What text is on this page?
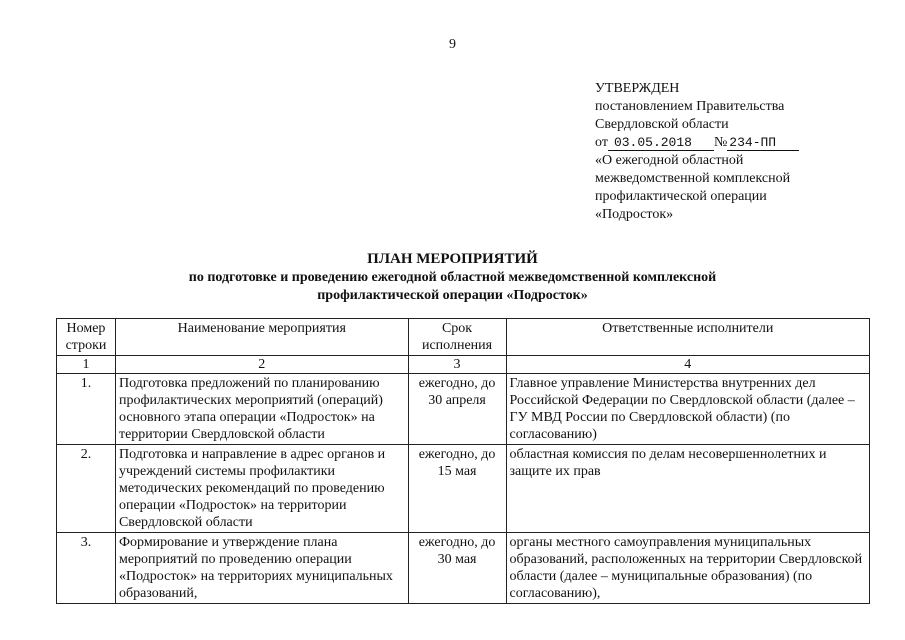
9
УТВЕРЖДЕН
постановлением Правительства
Свердловской области
от 03.05.2018 № 234-ПП
«О ежегодной областной
межведомственной комплексной
профилактической операции
«Подросток»
ПЛАН МЕРОПРИЯТИЙ
по подготовке и проведению ежегодной областной межведомственной комплексной
профилактической операции «Подросток»
Номер строки	Наименование мероприятия	Срок исполнения	Ответственные исполнители
1	2	3	4
1.	Подготовка предложений по планированию профилактических мероприятий (операций) основного этапа операции «Подросток» на территории Свердловской области	ежегодно, до 30 апреля	Главное управление Министерства внутренних дел Российской Федерации по Свердловской области (далее – ГУ МВД России по Свердловской области) (по согласованию)
2.	Подготовка и направление в адрес органов и учреждений системы профилактики методических рекомендаций по проведению операции «Подросток» на территории Свердловской области	ежегодно, до 15 мая	областная комиссия по делам несовершеннолетних и защите их прав
3.	Формирование и утверждение плана мероприятий по проведению операции «Подросток» на территориях муниципальных образований,	ежегодно, до 30 мая	органы местного самоуправления муниципальных образований, расположенных на территории Свердловской области (далее – муниципальные образования) (по согласованию),
